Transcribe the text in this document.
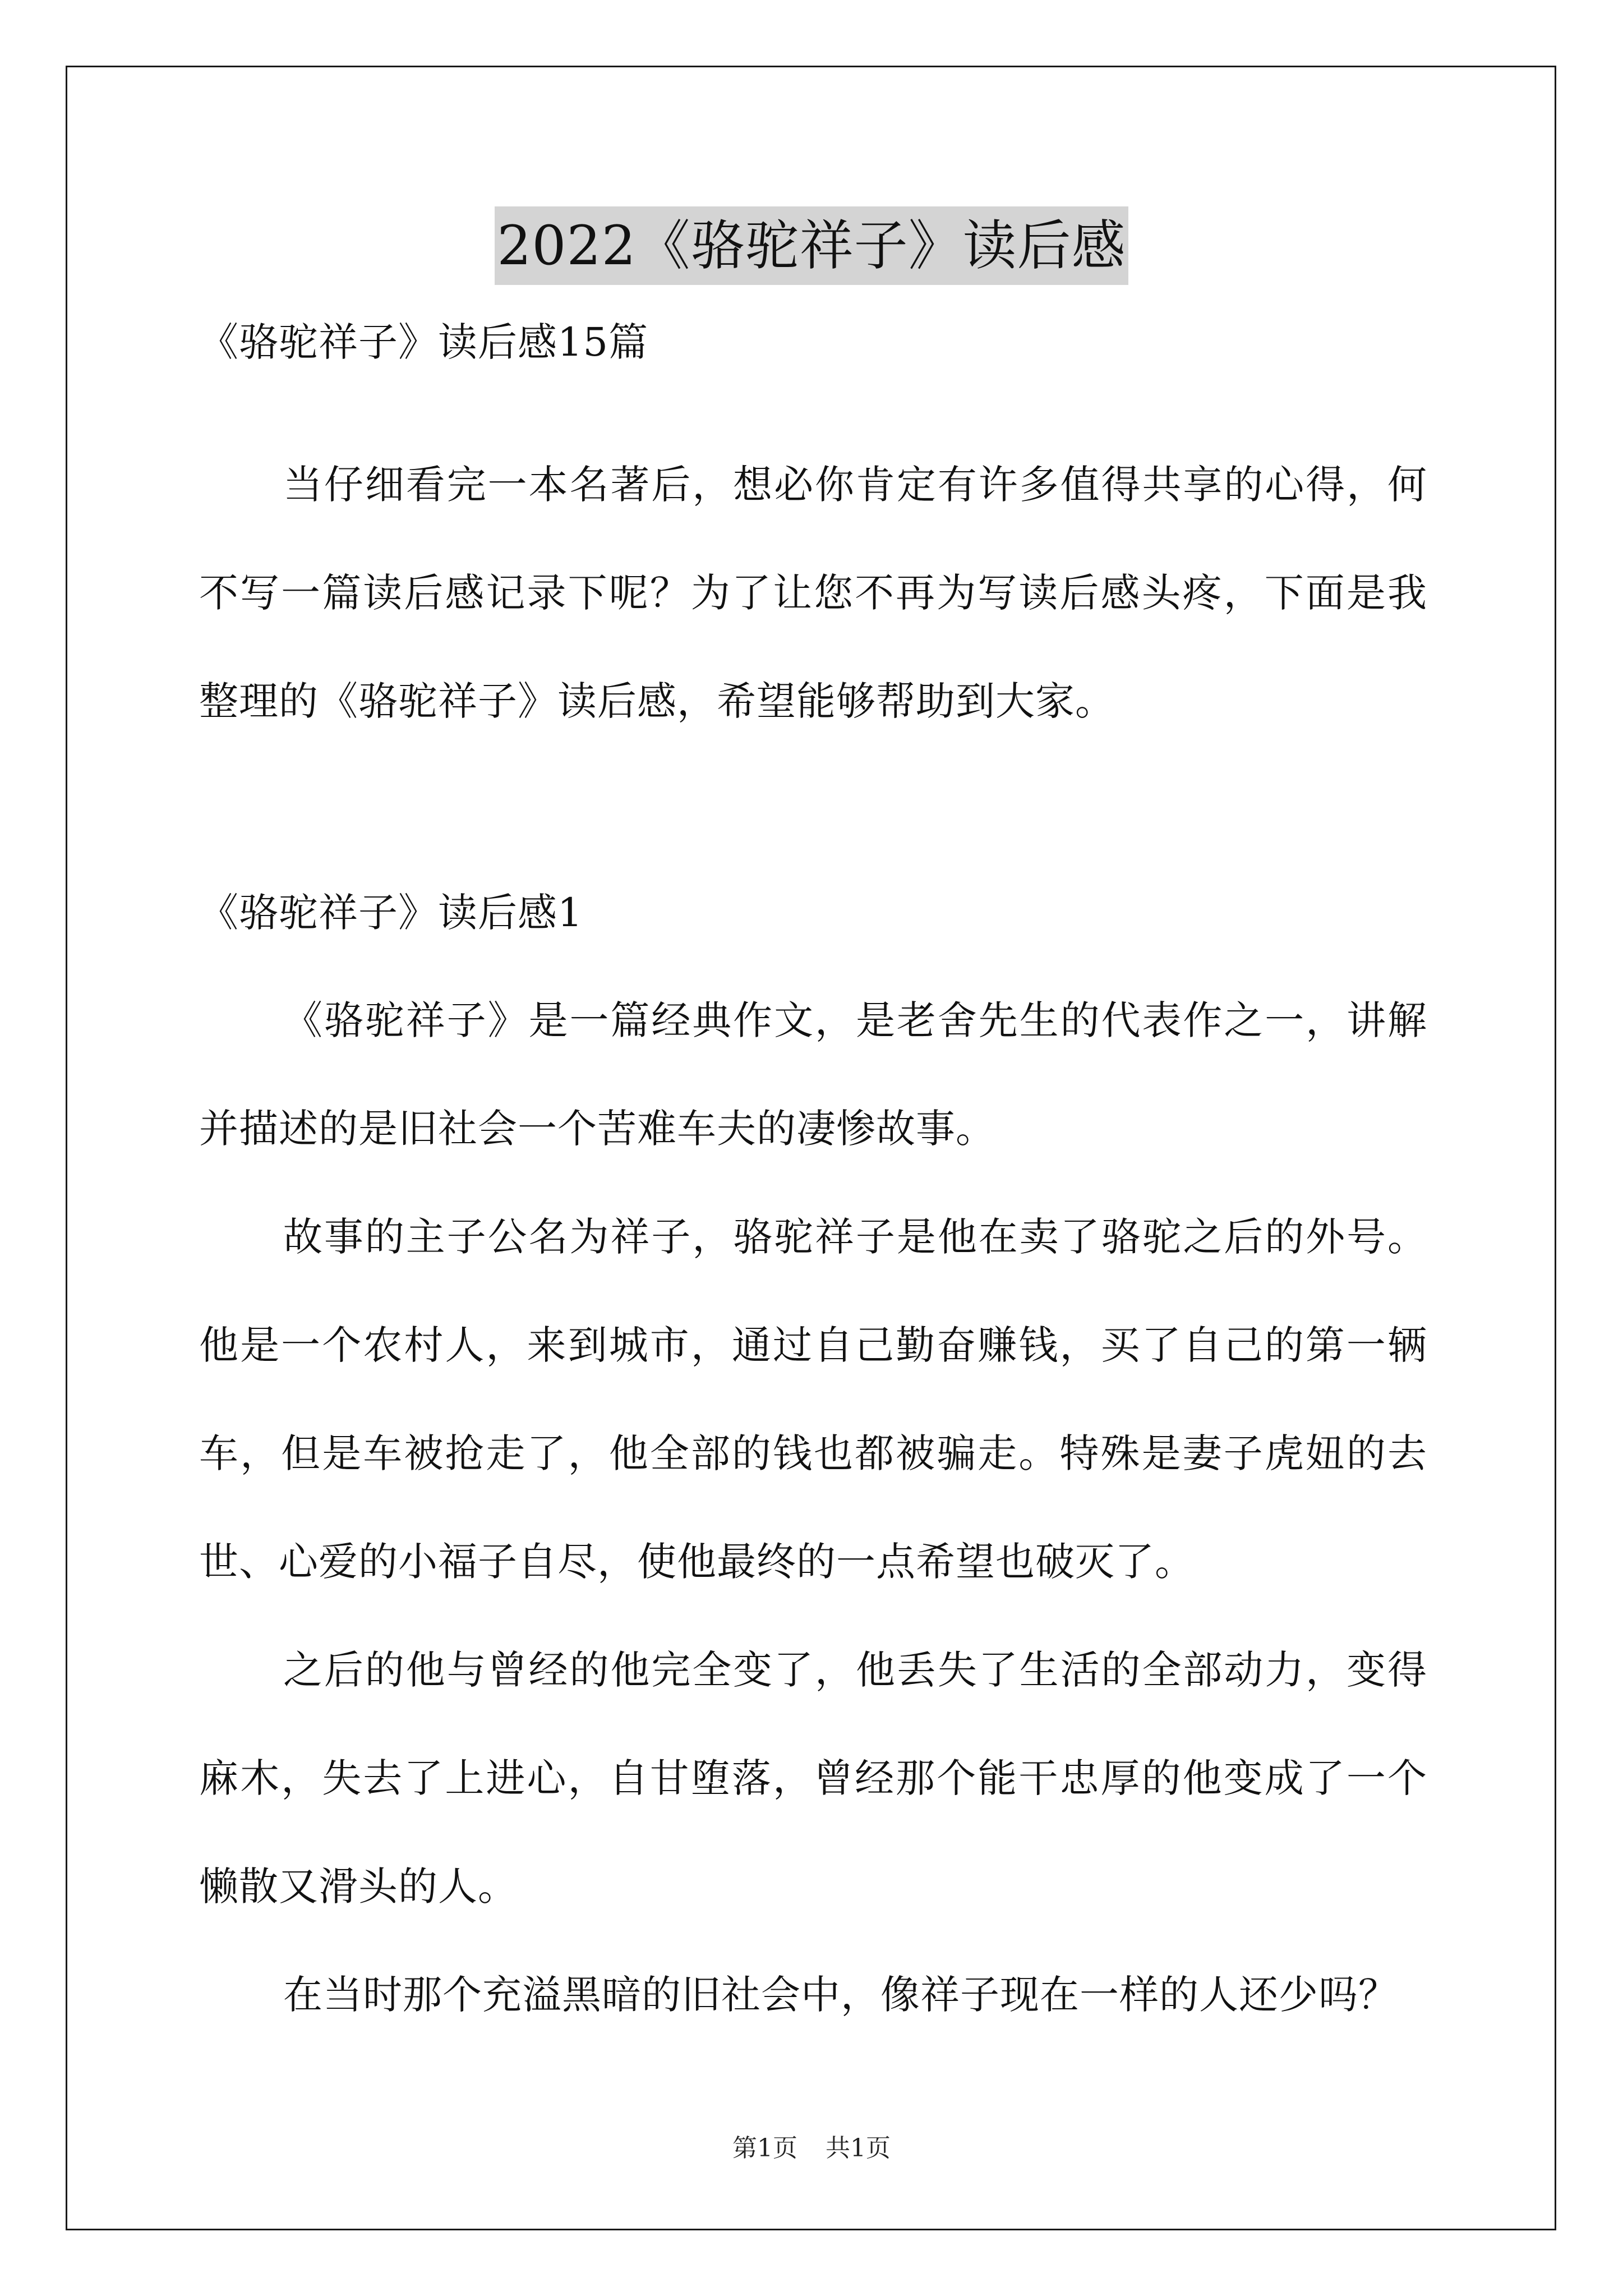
2022《骆驼祥子》读后感

《骆驼祥子》读后感15篇

当仔细看完一本名著后，想必你肯定有许多值得共享的心得，何不写一篇读后感记录下呢？为了让您不再为写读后感头疼，下面是我整理的《骆驼祥子》读后感，希望能够帮助到大家。

《骆驼祥子》读后感1

《骆驼祥子》是一篇经典作文，是老舍先生的代表作之一，讲解并描述的是旧社会一个苦难车夫的凄惨故事。

故事的主子公名为祥子，骆驼祥子是他在卖了骆驼之后的外号。他是一个农村人，来到城市，通过自己勤奋赚钱，买了自己的第一辆车，但是车被抢走了，他全部的钱也都被骗走。特殊是妻子虎妞的去世、心爱的小福子自尽，使他最终的一点希望也破灭了。

之后的他与曾经的他完全变了，他丢失了生活的全部动力，变得麻木，失去了上进心，自甘堕落，曾经那个能干忠厚的他变成了一个懒散又滑头的人。

在当时那个充溢黑暗的旧社会中，像祥子现在一样的人还少吗？

第1页 共1页
